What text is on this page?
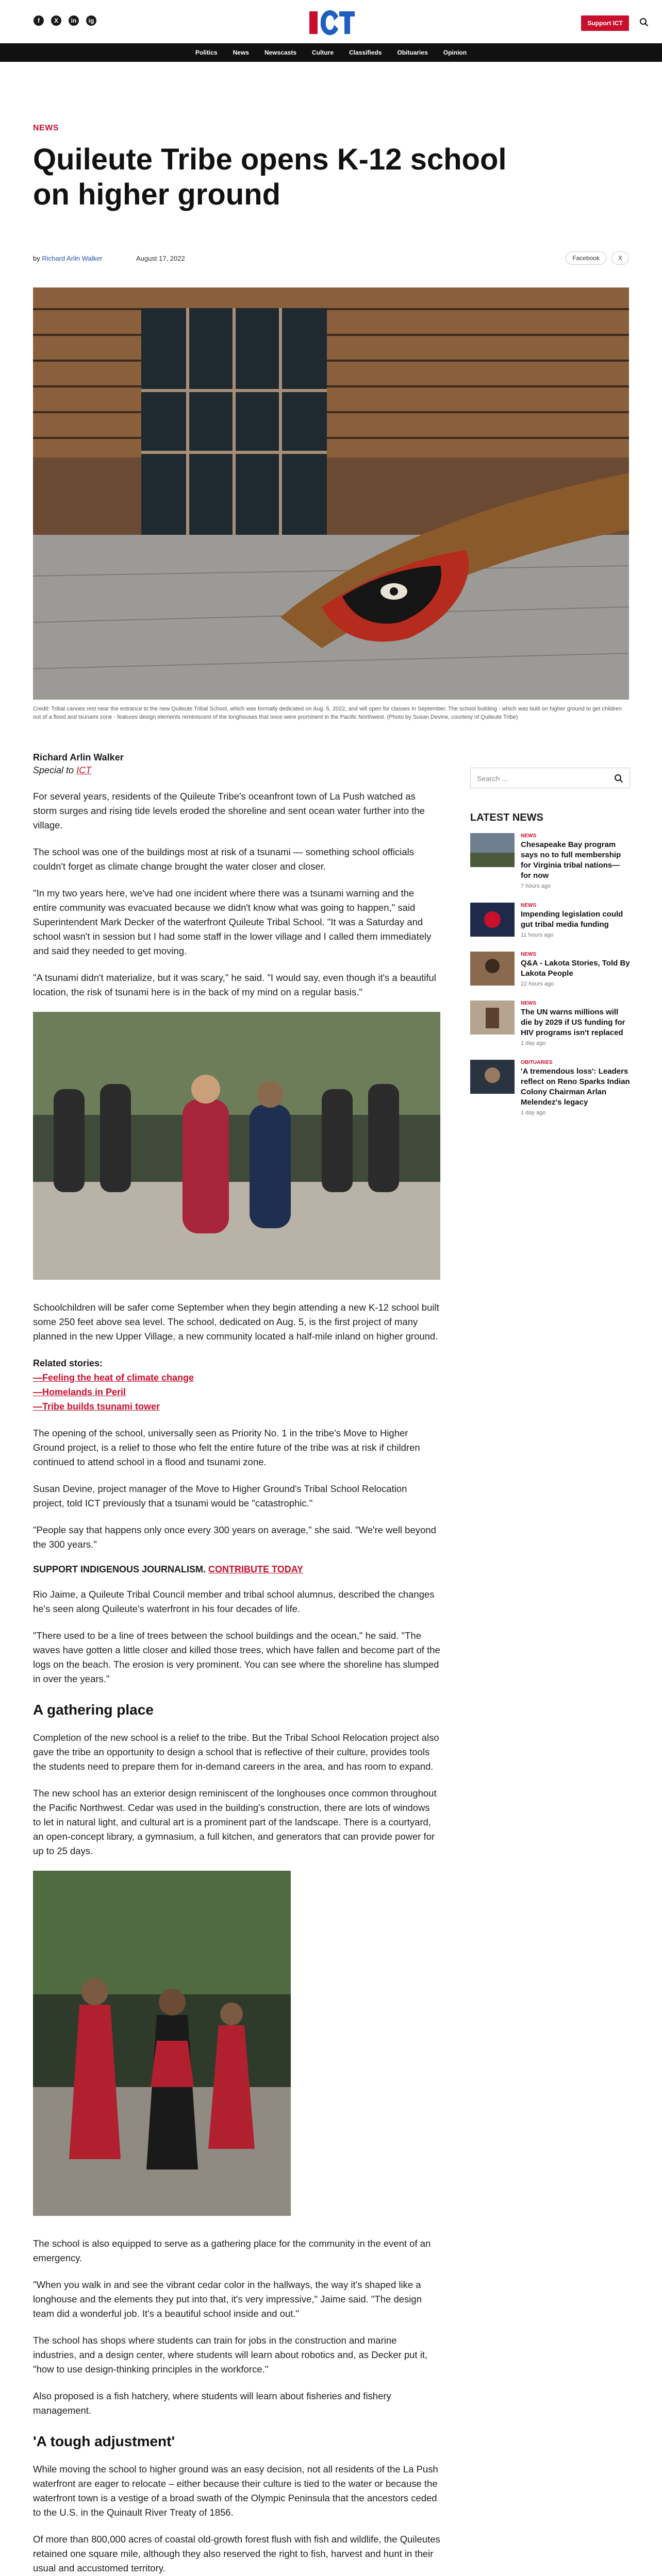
f	X	in	ig
ICT
Support ICT
Politics	News	Newscasts	Culture	Classifieds	Obituaries	Opinion
NEWS
Quileute Tribe opens K-12 school on higher ground
by Richard Arlin Walker	August 17, 2022	Facebook	X
Credit: Tribal canoes rest near the entrance to the new Quileute Tribal School, which was formally dedicated on Aug. 5, 2022, and will open for classes in September. The school building - which was built on higher ground to get children out of a flood and tsunami zone - features design elements reminiscent of the longhouses that once were prominent in the Pacific Northwest. (Photo by Susan Devine, courtesy of Quileute Tribe)
Richard Arlin Walker
Special to ICT

For several years, residents of the Quileute Tribe's oceanfront town of La Push watched as storm surges and rising tide levels eroded the shoreline and sent ocean water further into the village.

The school was one of the buildings most at risk of a tsunami — something school officials couldn't forget as climate change brought the water closer and closer.

"In my two years here, we've had one incident where there was a tsunami warning and the entire community was evacuated because we didn't know what was going to happen," said Superintendent Mark Decker of the waterfront Quileute Tribal School. "It was a Saturday and school wasn't in session but I had some staff in the lower village and I called them immediately and said they needed to get moving.

"A tsunami didn't materialize, but it was scary," he said. "I would say, even though it's a beautiful location, the risk of tsunami here is in the back of my mind on a regular basis."

Schoolchildren will be safer come September when they begin attending a new K-12 school built some 250 feet above sea level. The school, dedicated on Aug. 5, is the first project of many planned in the new Upper Village, a new community located a half-mile inland on higher ground.

Related stories:
—Feeling the heat of climate change
—Homelands in Peril
—Tribe builds tsunami tower

The opening of the school, universally seen as Priority No. 1 in the tribe's Move to Higher Ground project, is a relief to those who felt the entire future of the tribe was at risk if children continued to attend school in a flood and tsunami zone.

Susan Devine, project manager of the Move to Higher Ground's Tribal School Relocation project, told ICT previously that a tsunami would be "catastrophic."

"People say that happens only once every 300 years on average," she said. "We're well beyond the 300 years."

SUPPORT INDIGENOUS JOURNALISM. CONTRIBUTE TODAY

Rio Jaime, a Quileute Tribal Council member and tribal school alumnus, described the changes he's seen along Quileute's waterfront in his four decades of life.

"There used to be a line of trees between the school buildings and the ocean," he said. "The waves have gotten a little closer and killed those trees, which have fallen and become part of the logs on the beach. The erosion is very prominent. You can see where the shoreline has slumped in over the years."

A gathering place

Completion of the new school is a relief to the tribe. But the Tribal School Relocation project also gave the tribe an opportunity to design a school that is reflective of their culture, provides tools the students need to prepare them for in-demand careers in the area, and has room to expand.

The new school has an exterior design reminiscent of the longhouses once common throughout the Pacific Northwest. Cedar was used in the building's construction, there are lots of windows to let in natural light, and cultural art is a prominent part of the landscape. There is a courtyard, an open-concept library, a gymnasium, a full kitchen, and generators that can provide power for up to 25 days.

The school is also equipped to serve as a gathering place for the community in the event of an emergency.

"When you walk in and see the vibrant cedar color in the hallways, the way it's shaped like a longhouse and the elements they put into that, it's very impressive," Jaime said. "The design team did a wonderful job. It's a beautiful school inside and out."

The school has shops where students can train for jobs in the construction and marine industries, and a design center, where students will learn about robotics and, as Decker put it, "how to use design-thinking principles in the workforce."

Also proposed is a fish hatchery, where students will learn about fisheries and fishery management.

'A tough adjustment'

While moving the school to higher ground was an easy decision, not all residents of the La Push waterfront are eager to relocate – either because their culture is tied to the water or because the waterfront town is a vestige of a broad swath of the Olympic Peninsula that the ancestors ceded to the U.S. in the Quinault River Treaty of 1856.

Of more than 800,000 acres of coastal old-growth forest flush with fish and wildlife, the Quileutes retained one square mile, although they also reserved the right to fish, harvest and hunt in their usual and accustomed territory.

Search ...
LATEST NEWS
NEWS
Chesapeake Bay program says no to full membership for Virginia tribal nations—for now
7 hours ago
NEWS
Impending legislation could gut tribal media funding
11 hours ago
NEWS
Q&A - Lakota Stories, Told By Lakota People
22 hours ago
NEWS
The UN warns millions will die by 2029 if US funding for HIV programs isn't replaced
1 day ago
OBITUARIES
'A tremendous loss': Leaders reflect on Reno Sparks Indian Colony Chairman Arlan Melendez's legacy
1 day ago
